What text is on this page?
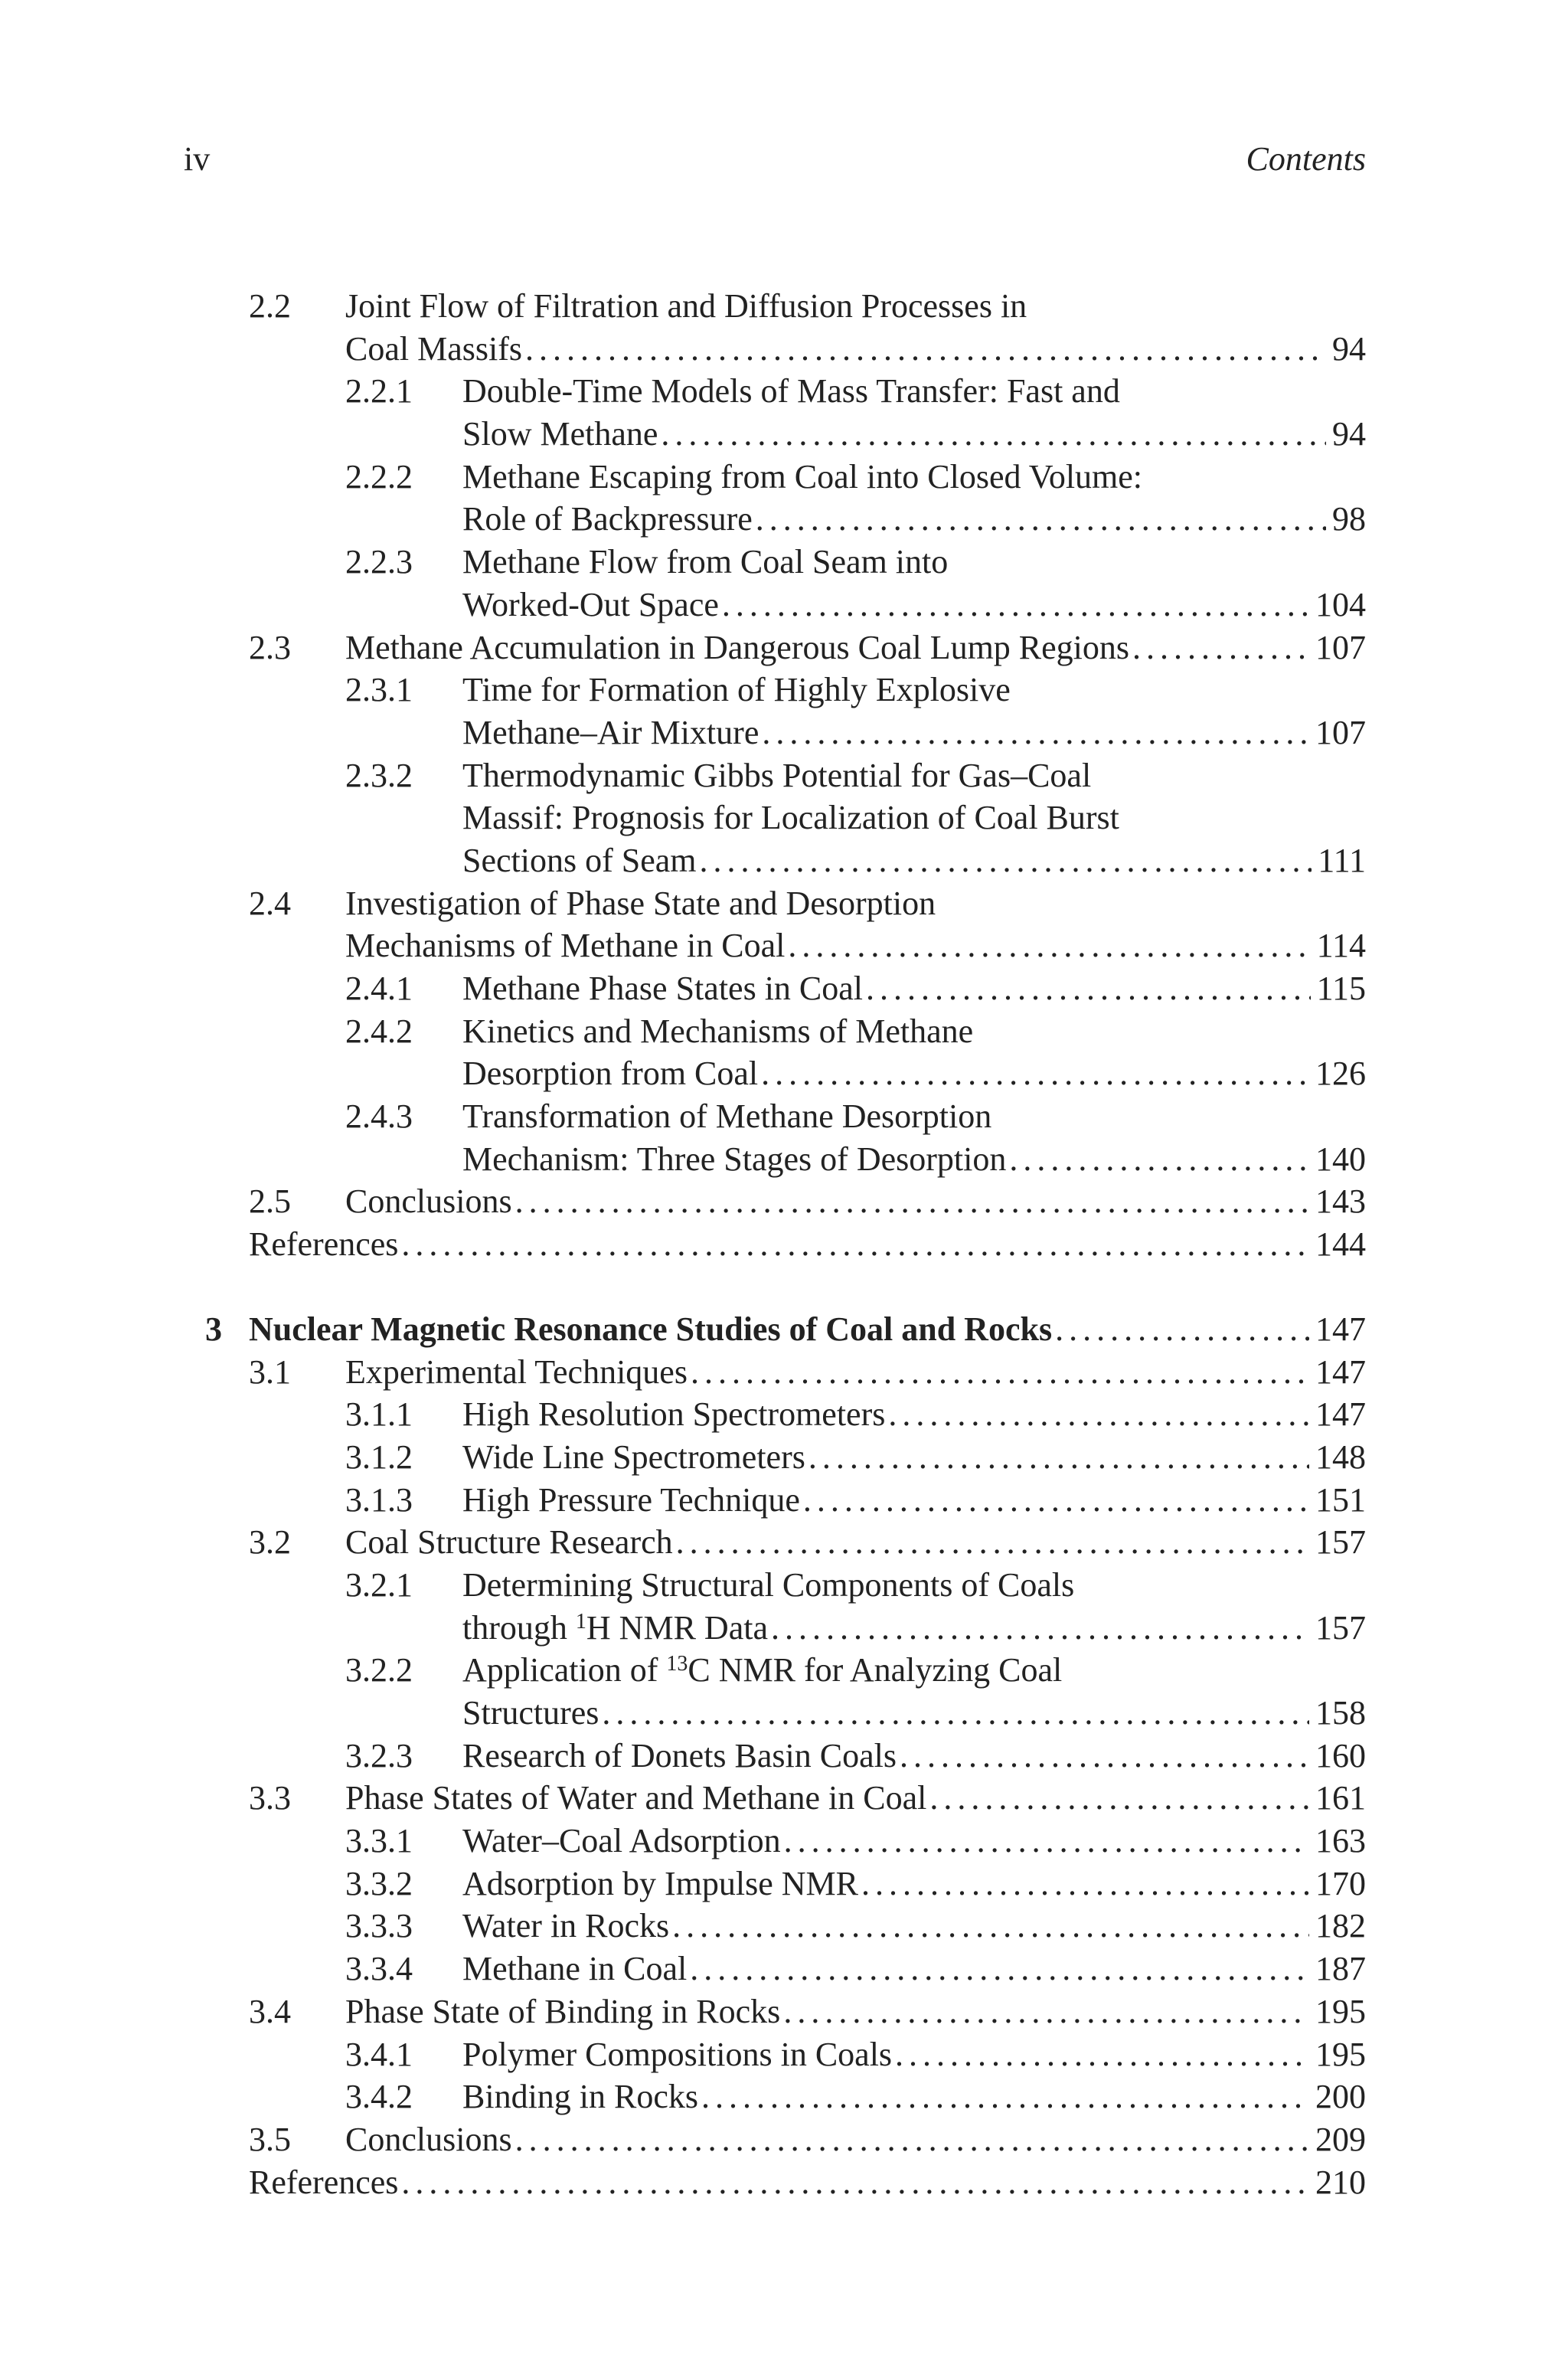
iv	Contents
2.2 Joint Flow of Filtration and Diffusion Processes in
Coal Massifs . . .	94
2.2.1 Double-Time Models of Mass Transfer: Fast and
Slow Methane . . .	94
2.2.2 Methane Escaping from Coal into Closed Volume:
Role of Backpressure . . .	98
2.2.3 Methane Flow from Coal Seam into
Worked-Out Space . . .	104
2.3 Methane Accumulation in Dangerous Coal Lump Regions . . .	107
2.3.1 Time for Formation of Highly Explosive
Methane–Air Mixture . . .	107
2.3.2 Thermodynamic Gibbs Potential for Gas–Coal
Massif: Prognosis for Localization of Coal Burst
Sections of Seam . . .	111
2.4 Investigation of Phase State and Desorption
Mechanisms of Methane in Coal . . .	114
2.4.1 Methane Phase States in Coal . . .	115
2.4.2 Kinetics and Mechanisms of Methane
Desorption from Coal . . .	126
2.4.3 Transformation of Methane Desorption
Mechanism: Three Stages of Desorption . . .	140
2.5 Conclusions . . .	143
References . . .	144
3 Nuclear Magnetic Resonance Studies of Coal and Rocks . . .	147
3.1 Experimental Techniques . . .	147
3.1.1 High Resolution Spectrometers . . .	147
3.1.2 Wide Line Spectrometers . . .	148
3.1.3 High Pressure Technique . . .	151
3.2 Coal Structure Research . . .	157
3.2.1 Determining Structural Components of Coals
through $^1$H NMR Data . . .	157
3.2.2 Application of $^{13}$C NMR for Analyzing Coal
Structures . . .	158
3.2.3 Research of Donets Basin Coals . . .	160
3.3 Phase States of Water and Methane in Coal . . .	161
3.3.1 Water–Coal Adsorption . . .	163
3.3.2 Adsorption by Impulse NMR . . .	170
3.3.3 Water in Rocks . . .	182
3.3.4 Methane in Coal . . .	187
3.4 Phase State of Binding in Rocks . . .	195
3.4.1 Polymer Compositions in Coals . . .	195
3.4.2 Binding in Rocks . . .	200
3.5 Conclusions . . .	209
References . . .	210
